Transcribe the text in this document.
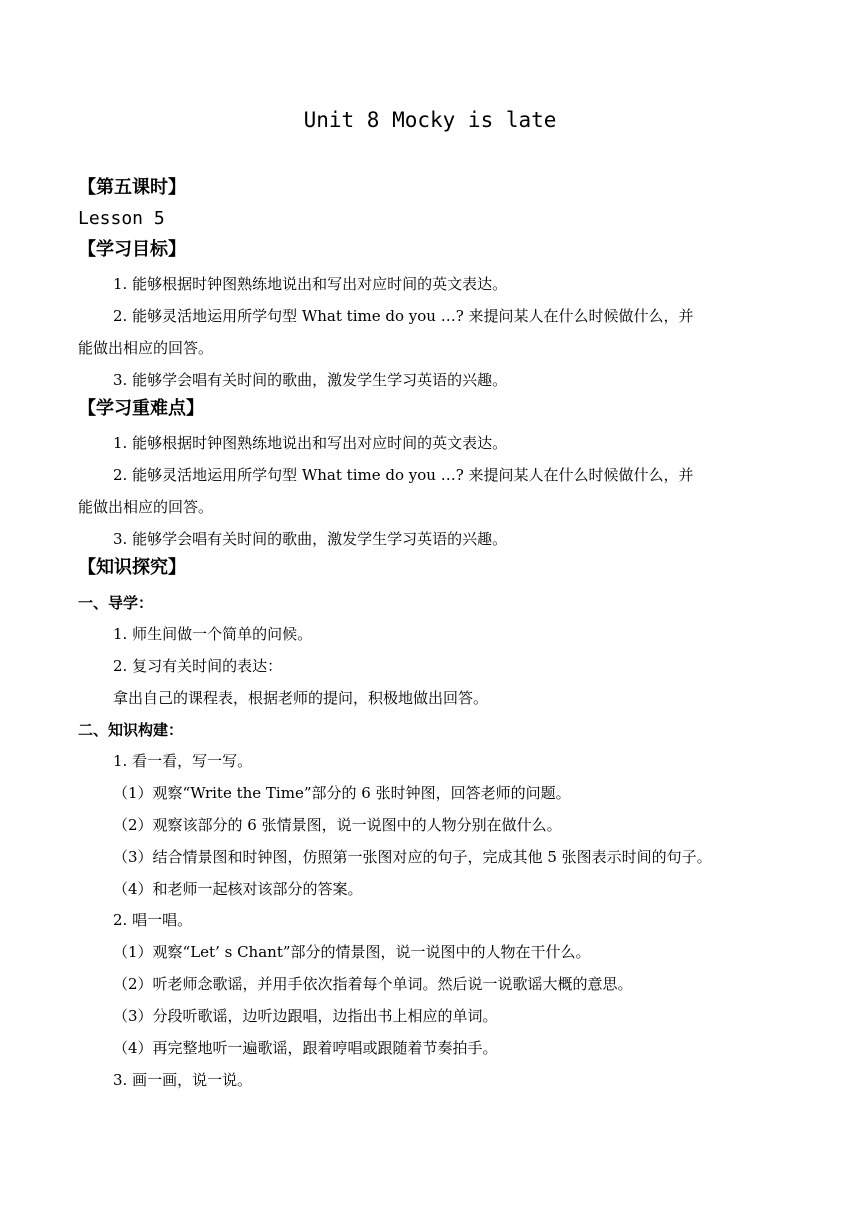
Unit 8 Mocky is late
【第五课时】
Lesson 5
【学习目标】
1. 能够根据时钟图熟练地说出和写出对应时间的英文表达。
2. 能够灵活地运用所学句型 What time do you …? 来提问某人在什么时候做什么，并
能做出相应的回答。
3. 能够学会唱有关时间的歌曲，激发学生学习英语的兴趣。
【学习重难点】
1. 能够根据时钟图熟练地说出和写出对应时间的英文表达。
2. 能够灵活地运用所学句型 What time do you …? 来提问某人在什么时候做什么，并
能做出相应的回答。
3. 能够学会唱有关时间的歌曲，激发学生学习英语的兴趣。
【知识探究】
一、导学：
1. 师生间做一个简单的问候。
2. 复习有关时间的表达：
拿出自己的课程表，根据老师的提问，积极地做出回答。
二、知识构建：
1. 看一看，写一写。
（1）观察“Write the Time”部分的 6 张时钟图，回答老师的问题。
（2）观察该部分的 6 张情景图，说一说图中的人物分别在做什么。
（3）结合情景图和时钟图，仿照第一张图对应的句子，完成其他 5 张图表示时间的句子。
（4）和老师一起核对该部分的答案。
2. 唱一唱。
（1）观察“Let’ s Chant”部分的情景图，说一说图中的人物在干什么。
（2）听老师念歌谣，并用手依次指着每个单词。然后说一说歌谣大概的意思。
（3）分段听歌谣，边听边跟唱，边指出书上相应的单词。
（4）再完整地听一遍歌谣，跟着哼唱或跟随着节奏拍手。
3. 画一画，说一说。
